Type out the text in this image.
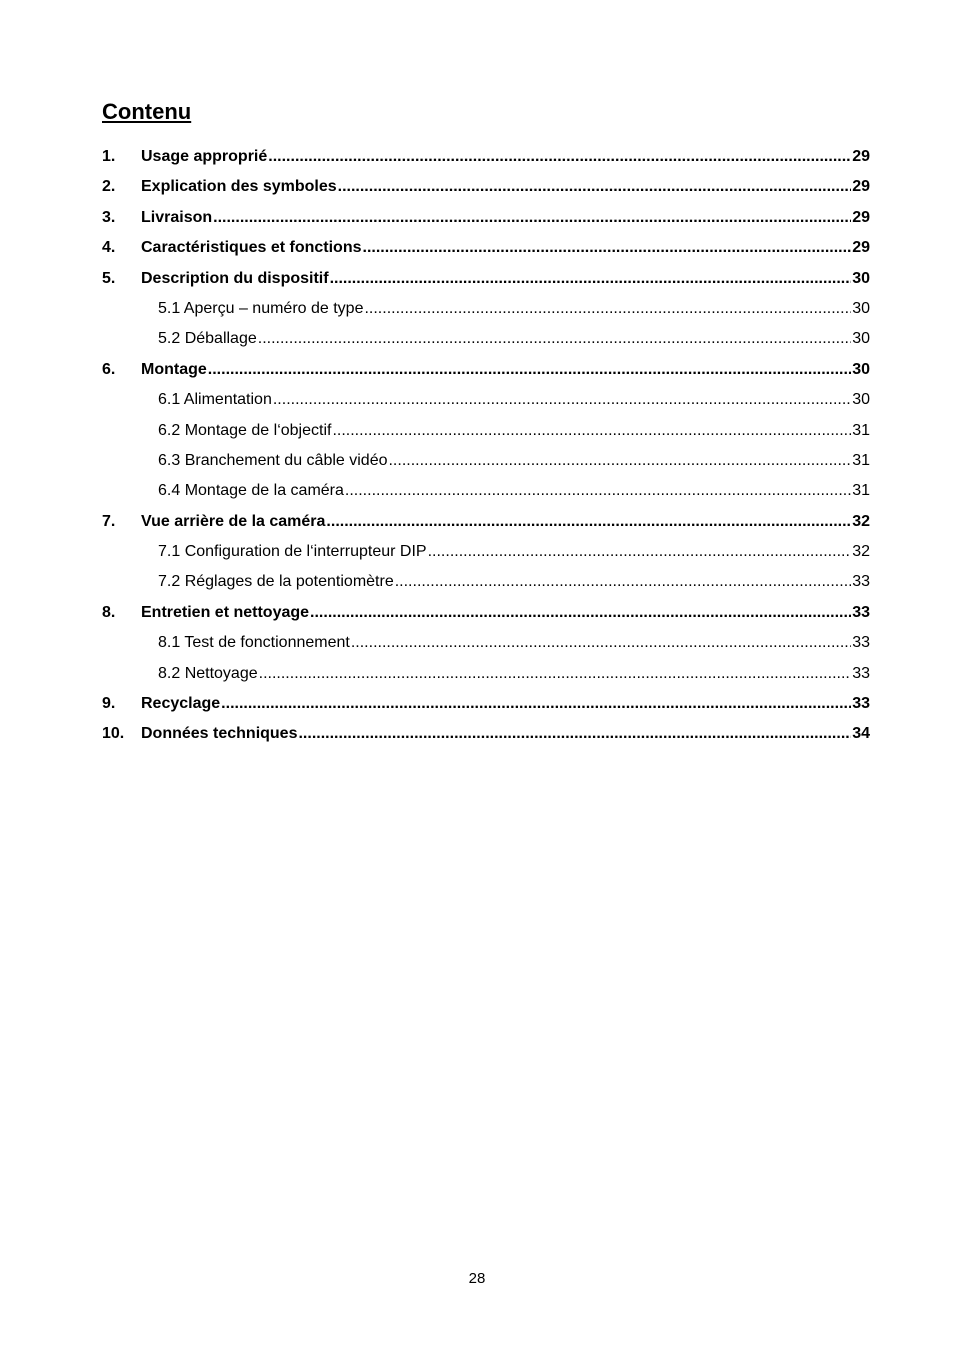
Contenu
1.	Usage approprié .....	29
2.	Explication des symboles .....	29
3.	Livraison .....	29
4.	Caractéristiques et fonctions .....	29
5.	Description du dispositif .....	30
5.1 Aperçu – numéro de type .....	30
5.2 Déballage .....	30
6.	Montage .....	30
6.1 Alimentation .....	30
6.2 Montage de l‘objectif .....	31
6.3 Branchement du câble vidéo .....	31
6.4 Montage de la caméra .....	31
7.	Vue arrière de la caméra .....	32
7.1 Configuration de l‘interrupteur DIP .....	32
7.2 Réglages de la potentiomètre .....	33
8.	Entretien et nettoyage .....	33
8.1 Test de fonctionnement .....	33
8.2 Nettoyage .....	33
9.	Recyclage .....	33
10.	Données techniques .....	34
28
